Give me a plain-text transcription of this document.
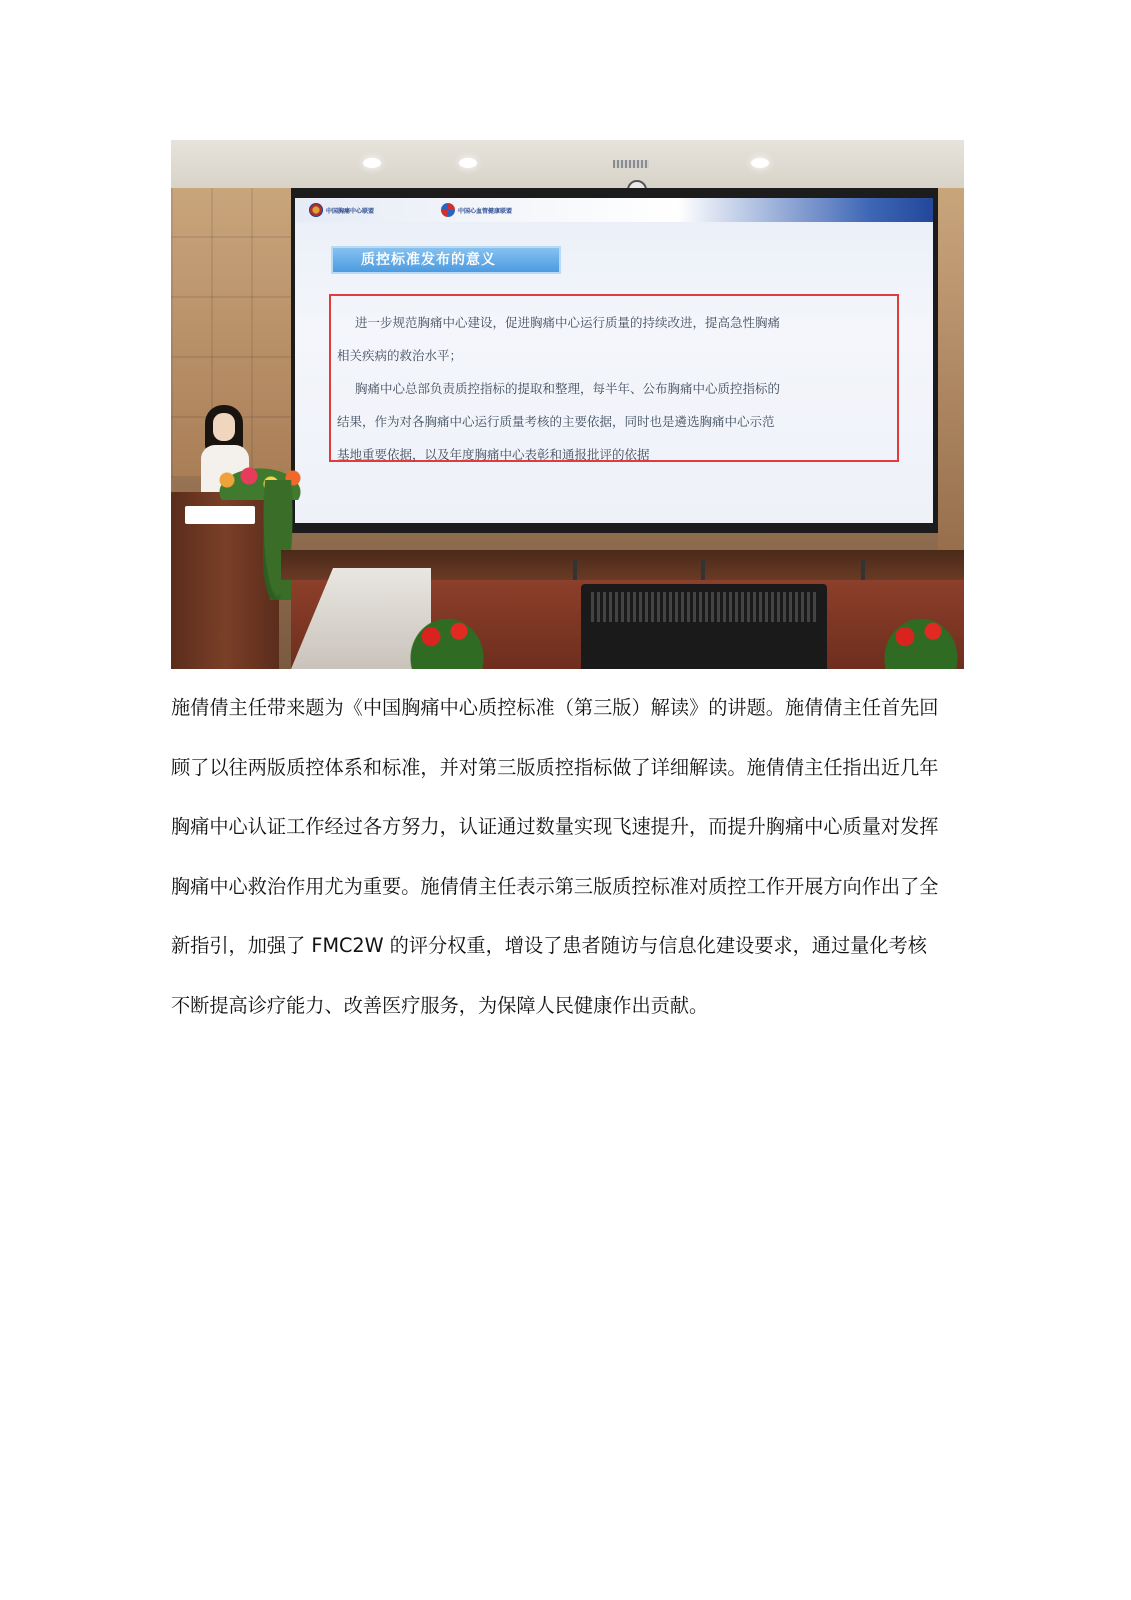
中国胸痛中心联盟	中国心血管健康联盟
质控标准发布的意义
进一步规范胸痛中心建设，促进胸痛中心运行质量的持续改进，提高急性胸痛
相关疾病的救治水平；
胸痛中心总部负责质控指标的提取和整理，每半年、公布胸痛中心质控指标的
结果，作为对各胸痛中心运行质量考核的主要依据，同时也是遴选胸痛中心示范
基地重要依据，以及年度胸痛中心表彰和通报批评的依据

施倩倩主任带来题为《中国胸痛中心质控标准（第三版）解读》的讲题。施倩倩主任首先回
顾了以往两版质控体系和标准，并对第三版质控指标做了详细解读。施倩倩主任指出近几年
胸痛中心认证工作经过各方努力，认证通过数量实现飞速提升，而提升胸痛中心质量对发挥
胸痛中心救治作用尤为重要。施倩倩主任表示第三版质控标准对质控工作开展方向作出了全
新指引，加强了 FMC2W 的评分权重，增设了患者随访与信息化建设要求，通过量化考核
不断提高诊疗能力、改善医疗服务，为保障人民健康作出贡献。
